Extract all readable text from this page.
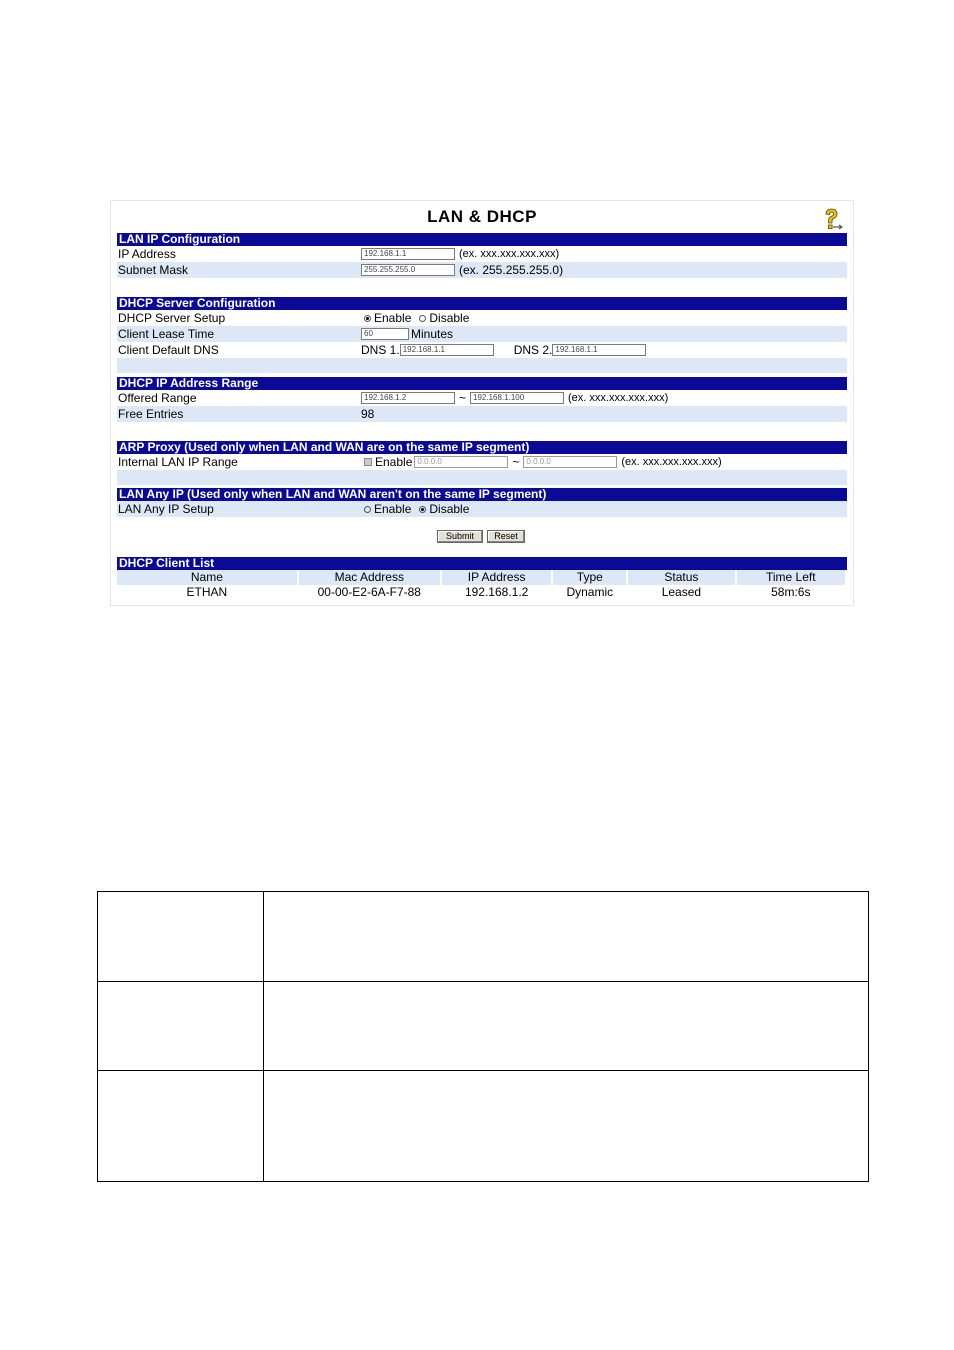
LAN & DHCP
LAN IP Configuration
IP Address
192.168.1.1	(ex. xxx.xxx.xxx.xxx)
Subnet Mask
255.255.255.0	(ex. 255.255.255.0)
DHCP Server Configuration
DHCP Server Setup	Enable Disable
Client Lease Time
60	Minutes
Client Default DNS	DNS 1.
192.168.1.1	DNS 2.
192.168.1.1
DHCP IP Address Range
Offered Range
192.168.1.2	~
192.168.1.100	(ex. xxx.xxx.xxx.xxx)
Free Entries	98
ARP Proxy (Used only when LAN and WAN are on the same IP segment)
Internal LAN IP Range	Enable
0.0.0.0	~
0.0.0.0	(ex. xxx.xxx.xxx.xxx)
LAN Any IP (Used only when LAN and WAN aren't on the same IP segment)
LAN Any IP Setup	Enable Disable
Submit	Reset
DHCP Client List
Name	Mac Address	IP Address	Type	Status	Time Left
ETHAN	00-00-E2-6A-F7-88	192.168.1.2	Dynamic	Leased	58m:6s
